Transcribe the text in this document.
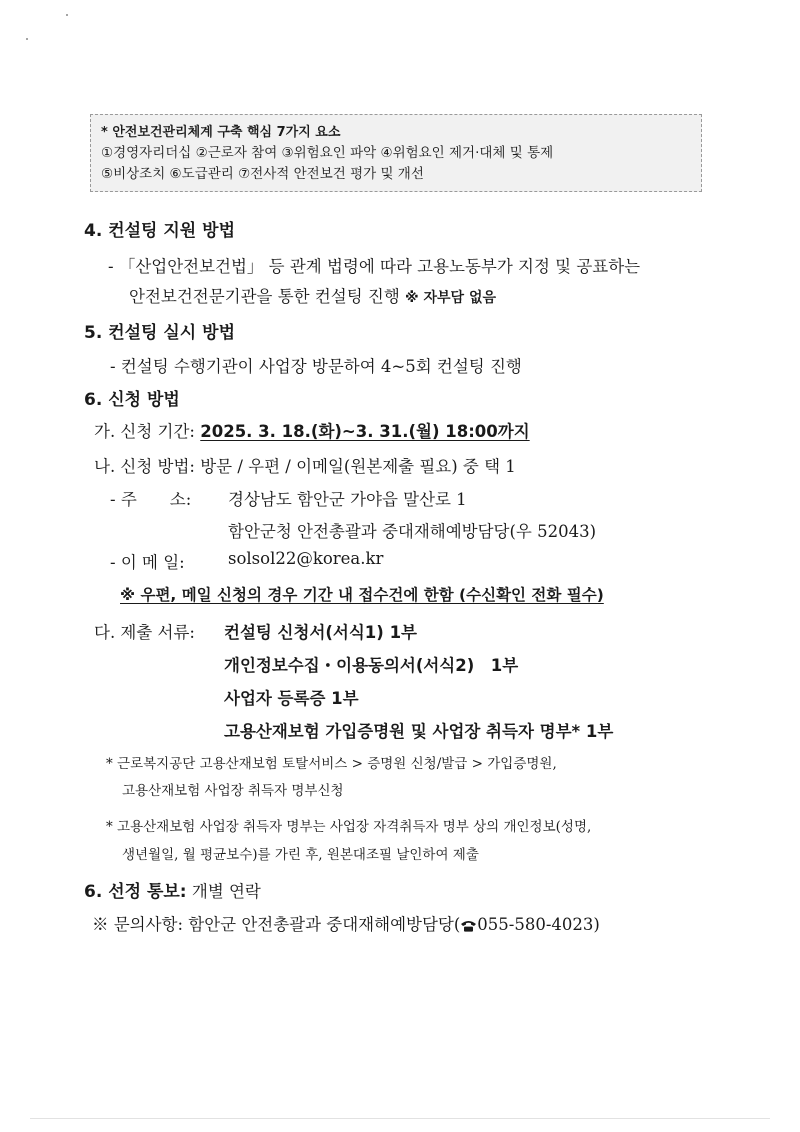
* 안전보건관리체계 구축 핵심 7가지 요소
①경영자리더십 ②근로자 참여 ③위험요인 파악 ④위험요인 제거·대체 및 통제
⑤비상조치 ⑥도급관리 ⑦전사적 안전보건 평가 및 개선
4. 컨설팅 지원 방법
- 「산업안전보건법」 등 관계 법령에 따라 고용노동부가 지정 및 공표하는
안전보건전문기관을 통한 컨설팅 진행 ※ 자부담 없음
5. 컨설팅 실시 방법
- 컨설팅 수행기관이 사업장 방문하여 4~5회 컨설팅 진행
6. 신청 방법
가. 신청 기간: 2025. 3. 18.(화)~3. 31.(월) 18:00까지
나. 신청 방법: 방문 / 우편 / 이메일(원본제출 필요) 중 택 1
- 주　　소: 경상남도 함안군 가야읍 말산로 1
함안군청 안전총괄과 중대재해예방담당(우 52043)
- 이 메 일:	solsol22@korea.kr
※ 우편, 메일 신청의 경우 기간 내 접수건에 한함 (수신확인 전화 필수)
다. 제출 서류: 컨설팅 신청서(서식1) 1부
개인정보수집・이용동의서(서식2)　1부
사업자 등록증 1부
고용산재보험 가입증명원 및 사업장 취득자 명부* 1부
* 근로복지공단 고용산재보험 토탈서비스 > 증명원 신청/발급 > 가입증명원,
고용산재보험 사업장 취득자 명부신청
* 고용산재보험 사업장 취득자 명부는 사업장 자격취득자 명부 상의 개인정보(성명,
생년월일, 월 평균보수)를 가린 후, 원본대조필 날인하여 제출
6. 선정 통보: 개별 연락
※ 문의사항: 함안군 안전총괄과 중대재해예방담당( 055-580-4023)
